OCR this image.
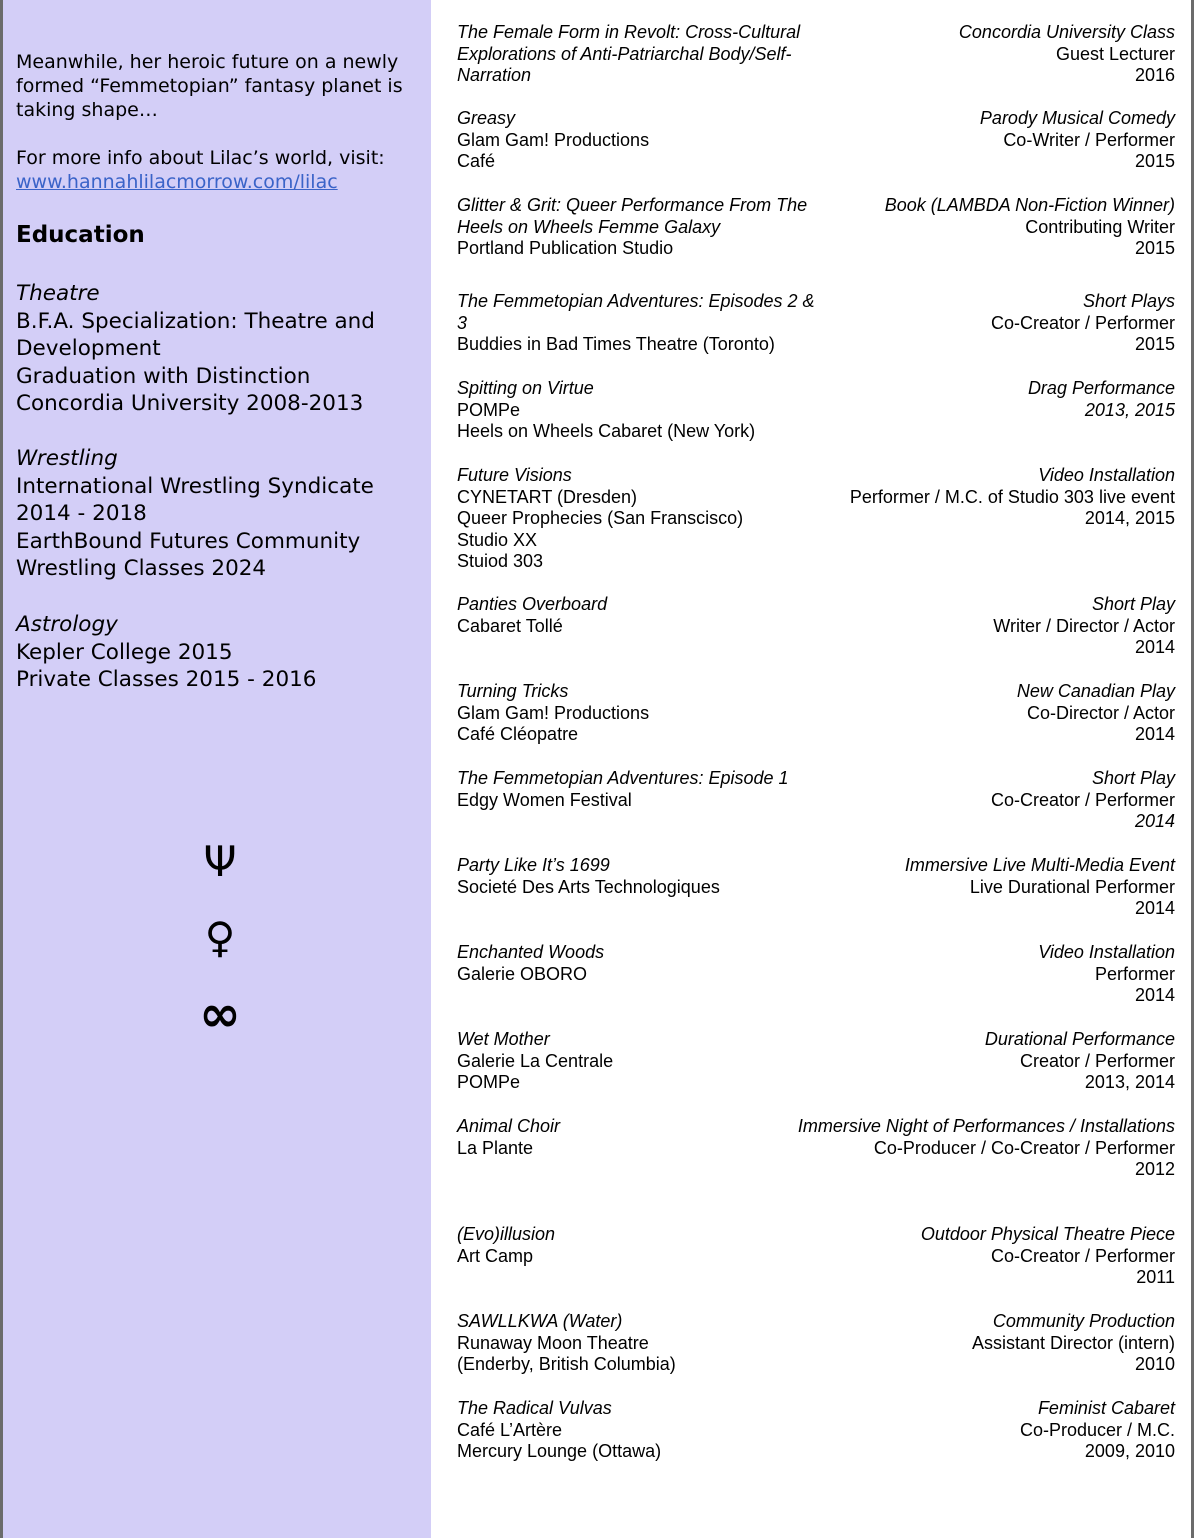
Meanwhile, her heroic future on a newly formed “Femmetopian” fantasy planet is taking shape…

For more info about Lilac’s world, visit:
www.hannahlilacmorrow.com/lilac

Education
Theatre
B.F.A. Specialization: Theatre and Development
Graduation with Distinction
Concordia University 2008-2013
Wrestling
International Wrestling Syndicate 2014 - 2018
EarthBound Futures Community Wrestling Classes 2024
Astrology
Kepler College 2015
Private Classes 2015 - 2016
Ψ
♀
∞
The Female Form in Revolt: Cross-Cultural Explorations of Anti-Patriarchal Body/Self-Narration
Concordia University Class
Guest Lecturer
2016
Greasy
Glam Gam! Productions
Café
Parody Musical Comedy
Co-Writer / Performer
2015
Glitter & Grit: Queer Performance From The Heels on Wheels Femme Galaxy
Portland Publication Studio
Book (LAMBDA Non-Fiction Winner)
Contributing Writer
2015
The Femmetopian Adventures: Episodes 2 & 3
Buddies in Bad Times Theatre (Toronto)
Short Plays
Co-Creator / Performer
2015
Spitting on Virtue
POMPe
Heels on Wheels Cabaret (New York)
Drag Performance
2013, 2015
Future Visions
CYNETART (Dresden)
Queer Prophecies (San Franscisco)
Studio XX
Stuiod 303
Video Installation
Performer / M.C. of Studio 303 live event
2014, 2015
Panties Overboard
Cabaret Tollé
Short Play
Writer / Director / Actor
2014
Turning Tricks
Glam Gam! Productions
Café Cléopatre
New Canadian Play
Co-Director / Actor
2014
The Femmetopian Adventures: Episode 1
Edgy Women Festival
Short Play
Co-Creator / Performer
2014
Party Like It’s 1699
Societé Des Arts Technologiques
Immersive Live Multi-Media Event
Live Durational Performer
2014
Enchanted Woods
Galerie OBORO
Video Installation
Performer
2014
Wet Mother
Galerie La Centrale
POMPe
Durational Performance
Creator / Performer
2013, 2014
Animal Choir
La Plante
Immersive Night of Performances / Installations
Co-Producer / Co-Creator / Performer
2012
(Evo)illusion
Art Camp
Outdoor Physical Theatre Piece
Co-Creator / Performer
2011
SAWLLKWA (Water)
Runaway Moon Theatre
(Enderby, British Columbia)
Community Production
Assistant Director (intern)
2010
The Radical Vulvas
Café L’Artère
Mercury Lounge (Ottawa)
Feminist Cabaret
Co-Producer / M.C.
2009, 2010
